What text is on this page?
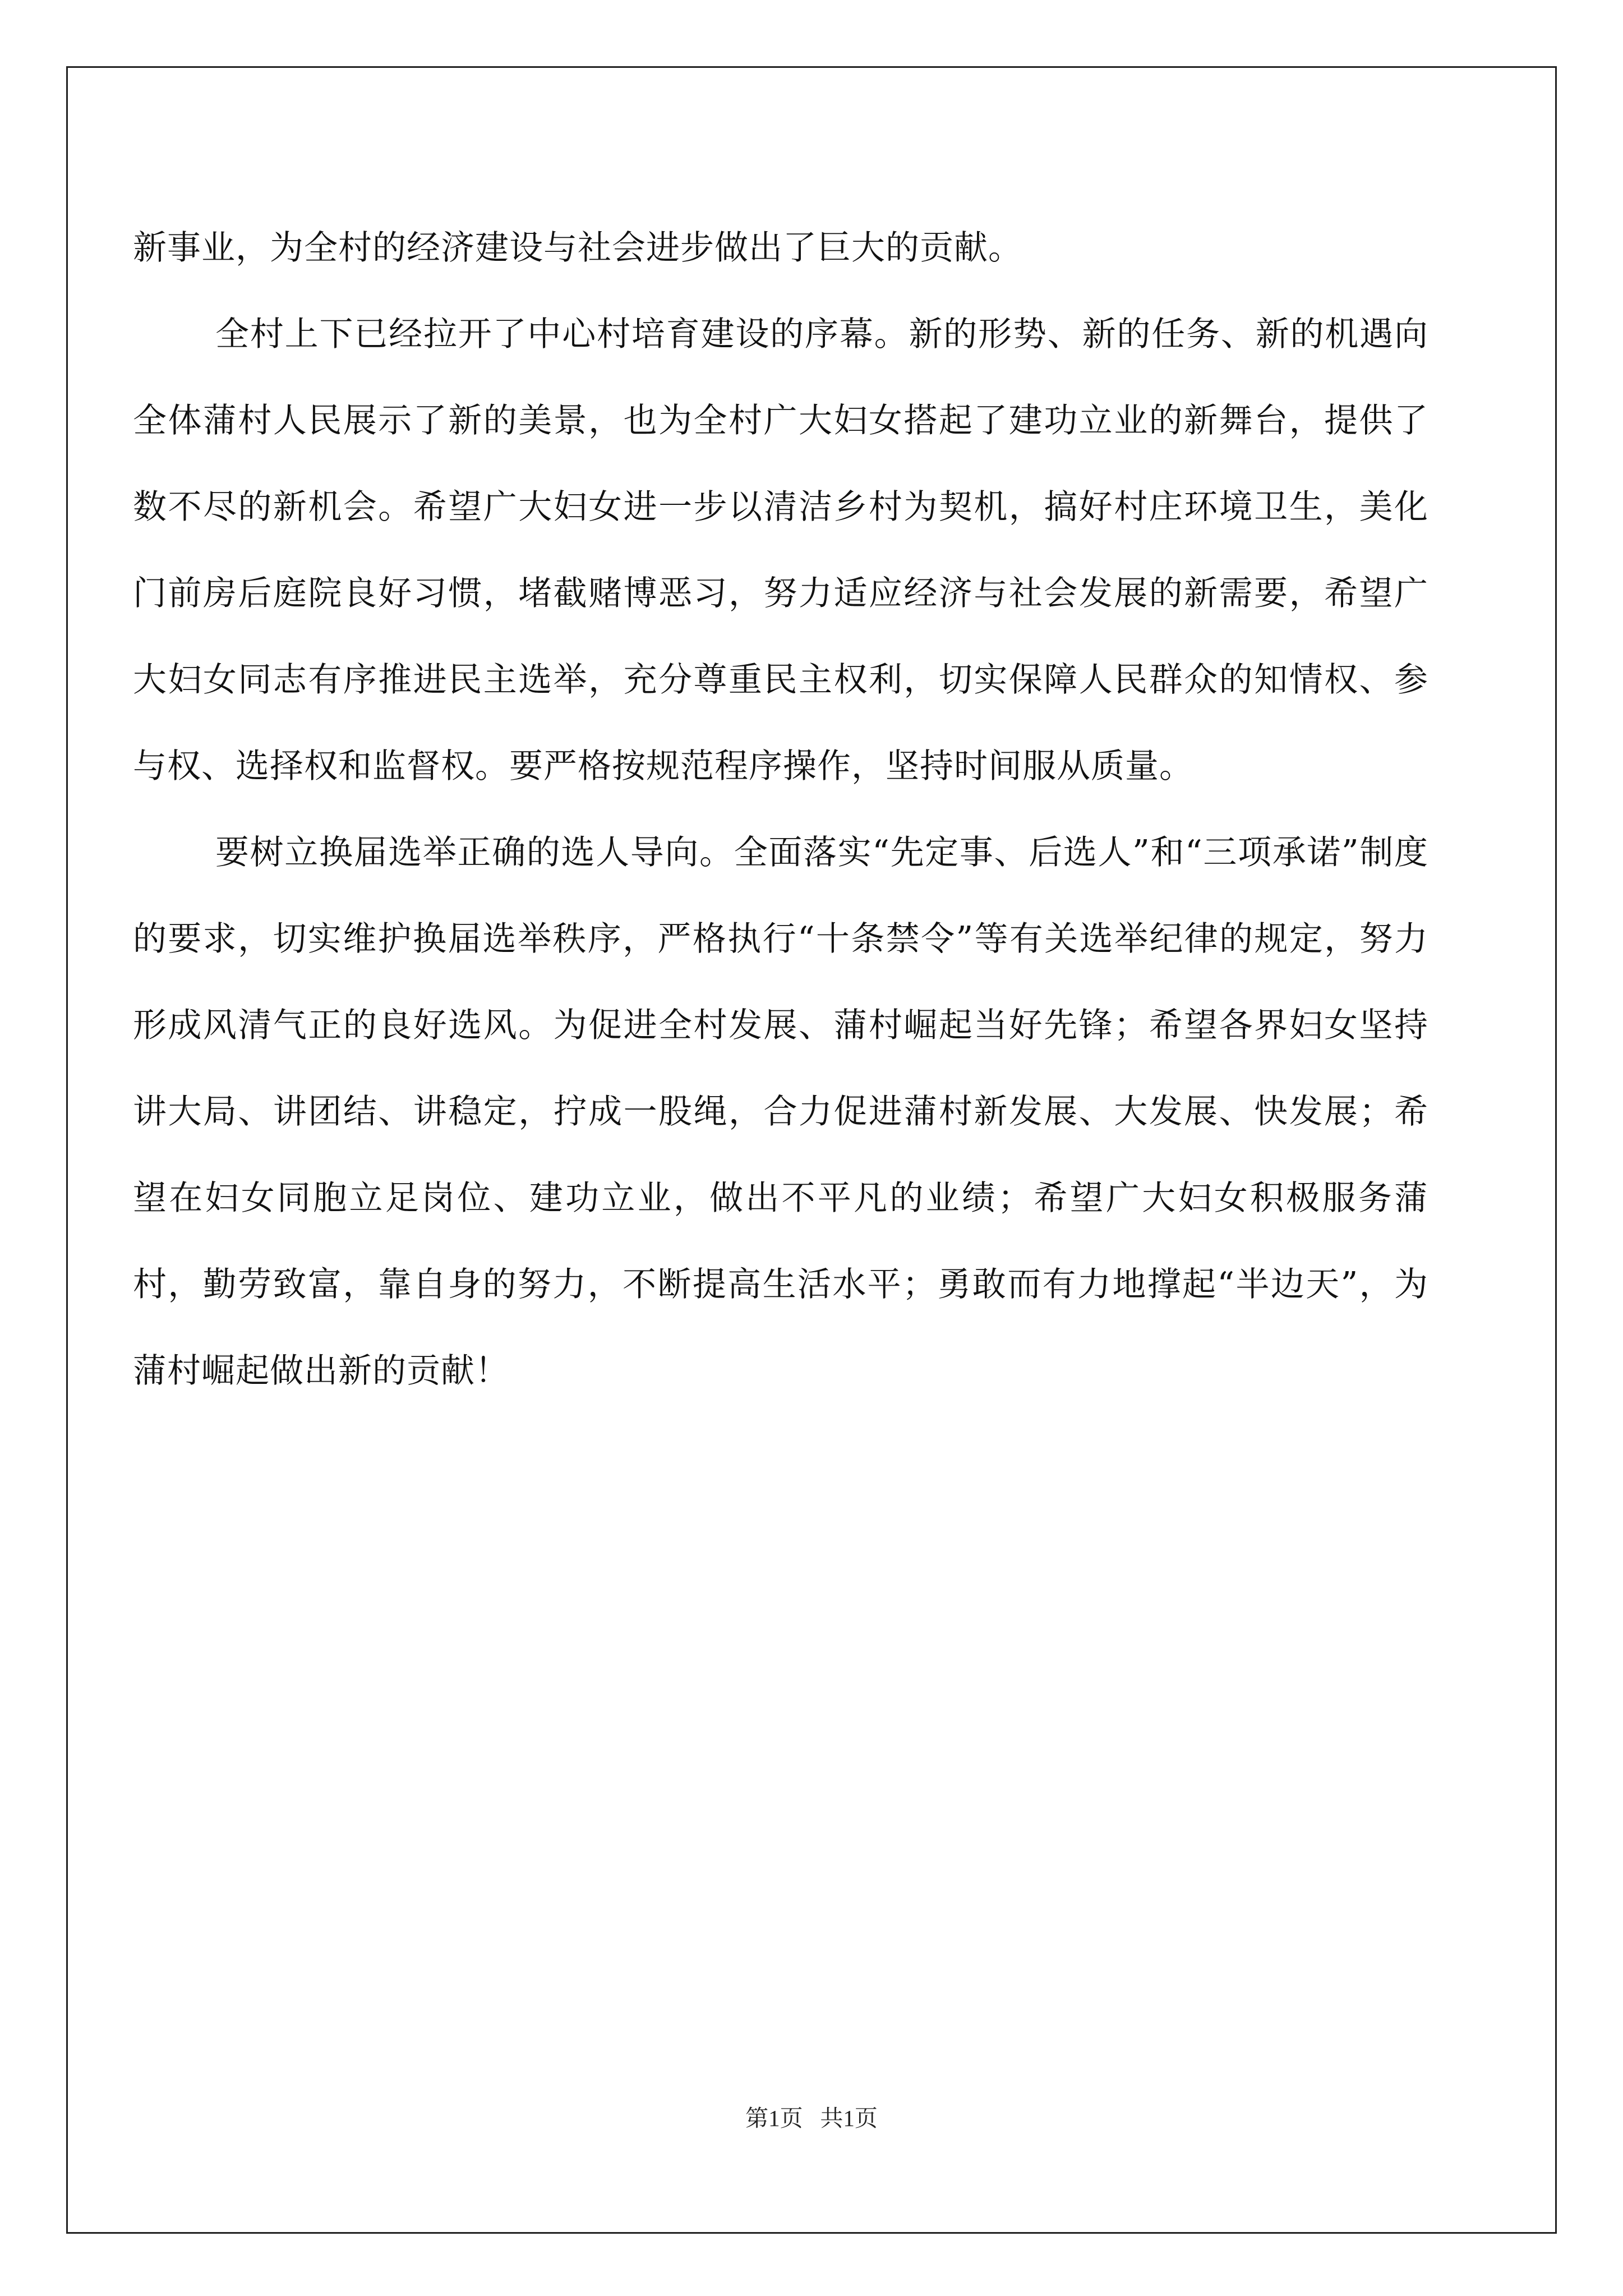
新事业，为全村的经济建设与社会进步做出了巨大的贡献。

全村上下已经拉开了中心村培育建设的序幕。新的形势、新的任务、新的机遇向全体蒲村人民展示了新的美景，也为全村广大妇女搭起了建功立业的新舞台，提供了数不尽的新机会。希望广大妇女进一步以清洁乡村为契机，搞好村庄环境卫生，美化门前房后庭院良好习惯，堵截赌博恶习，努力适应经济与社会发展的新需要，希望广大妇女同志有序推进民主选举，充分尊重民主权利，切实保障人民群众的知情权、参与权、选择权和监督权。要严格按规范程序操作，坚持时间服从质量。

要树立换届选举正确的选人导向。全面落实“先定事、后选人”和“三项承诺”制度的要求，切实维护换届选举秩序，严格执行“十条禁令”等有关选举纪律的规定，努力形成风清气正的良好选风。为促进全村发展、蒲村崛起当好先锋；希望各界妇女坚持讲大局、讲团结、讲稳定，拧成一股绳，合力促进蒲村新发展、大发展、快发展；希望在妇女同胞立足岗位、建功立业，做出不平凡的业绩；希望广大妇女积极服务蒲村，勤劳致富，靠自身的努力，不断提高生活水平；勇敢而有力地撑起“半边天”，为蒲村崛起做出新的贡献！

第1页   共1页
